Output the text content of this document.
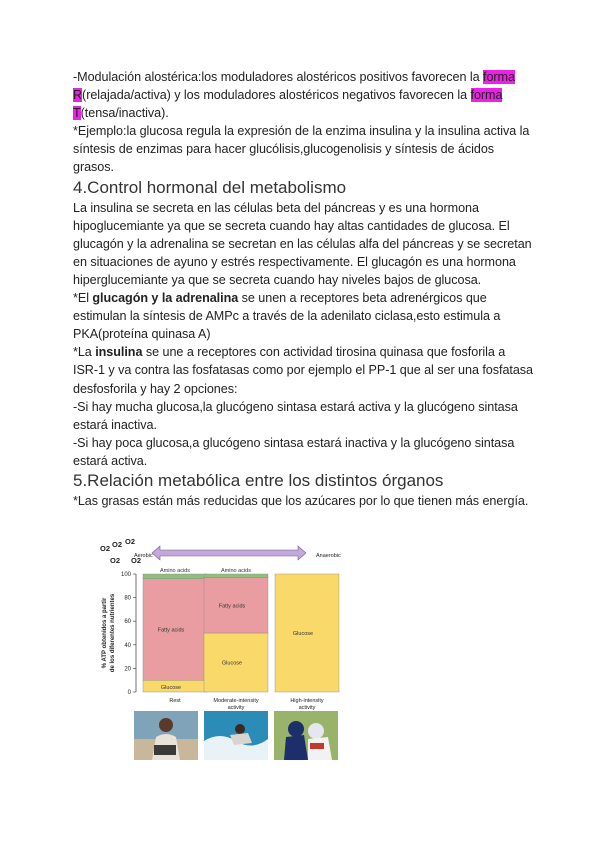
-Modulación alostérica:los moduladores alostéricos positivos favorecen la forma R(relajada/activa) y los moduladores alostéricos negativos favorecen la forma T(tensa/inactiva).

*Ejemplo:la glucosa regula la expresión de la enzima insulina y la insulina activa la síntesis de enzimas para hacer glucólisis,glucogenolisis y síntesis de ácidos grasos.

4.Control hormonal del metabolismo

La insulina se secreta en las células beta del páncreas y es una hormona hipoglucemiante ya que se secreta cuando hay altas cantidades de glucosa. El glucagón y la adrenalina se secretan en las células alfa del páncreas y se secretan en situaciones de ayuno y estrés respectivamente. El glucagón es una hormona hiperglucemiante ya que se secreta cuando hay niveles bajos de glucosa.

*El glucagón y la adrenalina se unen a receptores beta adrenérgicos que estimulan la síntesis de AMPc a través de la adenilato ciclasa,esto estimula a PKA(proteína quinasa A)

*La insulina se une a receptores con actividad tirosina quinasa que fosforila a ISR-1 y va contra las fosfatasas como por ejemplo el PP-1 que al ser una fosfatasa desfosforila y hay 2 opciones:

-Si hay mucha glucosa,la glucógeno sintasa estará activa y la glucógeno sintasa estará inactiva.

-Si hay poca glucosa,a glucógeno sintasa estará inactiva y la glucógeno sintasa estará activa.

5.Relación metabólica entre los distintos órganos

*Las grasas están más reducidas que los azúcares por lo que tienen más energía.

O2 O2 O2
O2 O2
Aerobic	Anaerobic
0
20
40
60
80
100
% ATP obtenidos a partir de los diferentes nutrientes
Glucose
Fatty acids
Amino acids
Glucose
Fatty acids
Amino acids
Glucose
Rest	Moderate-intensity
activity
High-intensity
activity
